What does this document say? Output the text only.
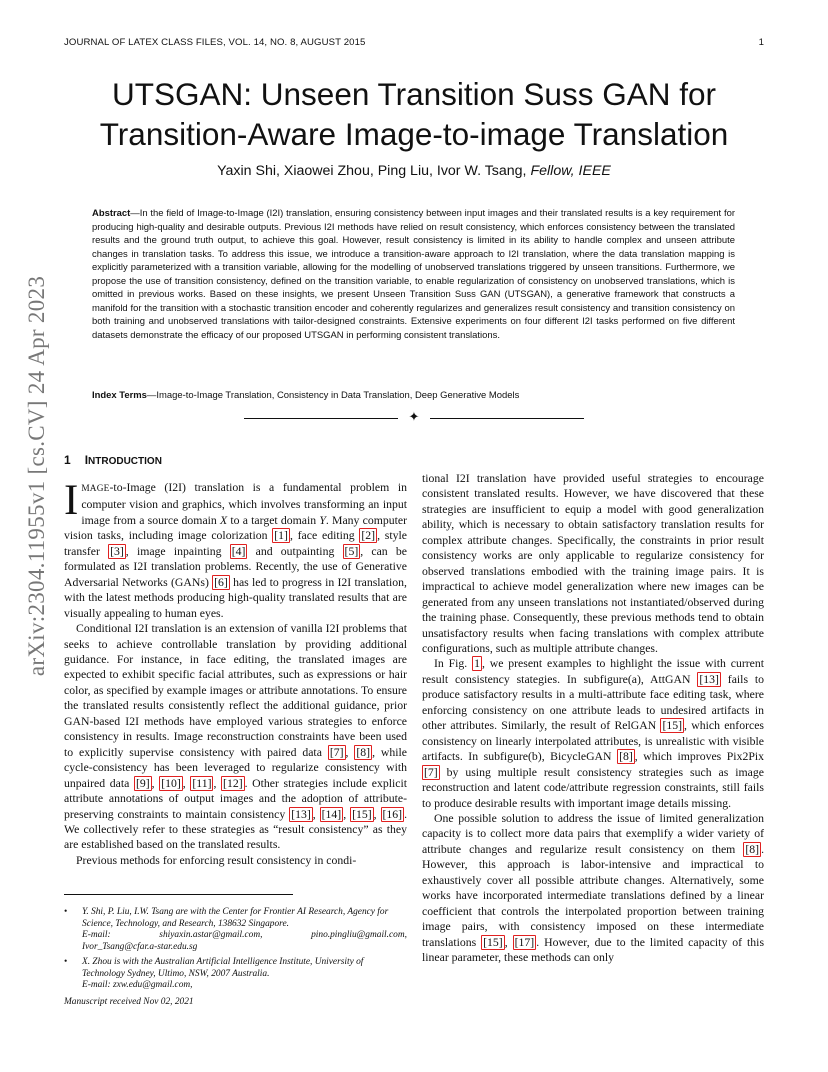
JOURNAL OF LATEX CLASS FILES, VOL. 14, NO. 8, AUGUST 2015	1
arXiv:2304.11955v1 [cs.CV] 24 Apr 2023
UTSGAN: Unseen Transition Suss GAN for
Transition-Aware Image-to-image Translation
Yaxin Shi, Xiaowei Zhou, Ping Liu, Ivor W. Tsang, Fellow, IEEE
Abstract—In the field of Image-to-Image (I2I) translation, ensuring consistency between input images and their translated results is a key requirement for producing high-quality and desirable outputs. Previous I2I methods have relied on result consistency, which enforces consistency between the translated results and the ground truth output, to achieve this goal. However, result consistency is limited in its ability to handle complex and unseen attribute changes in translation tasks. To address this issue, we introduce a transition-aware approach to I2I translation, where the data translation mapping is explicitly parameterized with a transition variable, allowing for the modelling of unobserved translations triggered by unseen transitions. Furthermore, we propose the use of transition consistency, defined on the transition variable, to enable regularization of consistency on unobserved translations, which is omitted in previous works. Based on these insights, we present Unseen Transition Suss GAN (UTSGAN), a generative framework that constructs a manifold for the transition with a stochastic transition encoder and coherently regularizes and generalizes result consistency and transition consistency on both training and unobserved translations with tailor-designed constraints. Extensive experiments on four different I2I tasks performed on five different datasets demonstrate the efficacy of our proposed UTSGAN in performing consistent translations.
Index Terms—Image-to-Image Translation, Consistency in Data Translation, Deep Generative Models
✦
1 INTRODUCTION

IMAGE-to-Image (I2I) translation is a fundamental problem in computer vision and graphics, which involves transforming an input image from a source domain X to a target domain Y. Many computer vision tasks, including image colorization [1] , face editing [2] , style transfer [3] , image inpainting [4] and outpainting [5] , can be formulated as I2I translation problems. Recently, the use of Generative Adversarial Networks (GANs) [6] has led to progress in I2I translation, with the latest methods producing high-quality translated results that are visually appealing to human eyes.

Conditional I2I translation is an extension of vanilla I2I problems that seeks to achieve controllable translation by providing additional guidance. For instance, in face editing, the translated images are expected to exhibit specific facial attributes, such as expressions or hair color, as specified by example images or attribute annotations. To ensure the translated results consistently reflect the additional guidance, prior GAN-based I2I methods have employed various strategies to enforce consistency in results. Image reconstruction constraints have been used to explicitly supervise consistency with paired data [7] , [8] , while cycle-consistency has been leveraged to regularize consistency with unpaired data [9] , [10] , [11] , [12] . Other strategies include explicit attribute annotations of output images and the adoption of attribute-preserving constraints to maintain consistency [13] , [14] , [15] , [16] . We collectively refer to these strategies as “result consistency” as they are established based on the translated results.

Previous methods for enforcing result consistency in condi-

tional I2I translation have provided useful strategies to encourage consistent translated results. However, we have discovered that these strategies are insufficient to equip a model with good generalization ability, which is necessary to obtain satisfactory translation results for complex attribute changes. Specifically, the constraints in prior result consistency works are only applicable to regularize consistency for observed translations embodied with the training image pairs. It is impractical to achieve model generalization where new images can be generated from any unseen translations not instantiated/observed during the training phase. Consequently, these previous methods tend to obtain unsatisfactory results when facing translations with complex attribute configurations, such as multiple attribute changes.

In Fig. 1 , we present examples to highlight the issue with current result consistency stategies. In subfigure(a), AttGAN [13] fails to produce satisfactory results in a multi-attribute face editing task, where enforcing consistency on one attribute leads to undesired artifacts in other attributes. Similarly, the result of RelGAN [15] , which enforces consistency on linearly interpolated attributes, is unrealistic with visible artifacts. In subfigure(b), BicycleGAN [8] , which improves Pix2Pix [7] by using multiple result consistency strategies such as image reconstruction and latent code/attribute regression constraints, still fails to produce desirable results with important image details missing.

One possible solution to address the issue of limited generalization capacity is to collect more data pairs that exemplify a wider variety of attribute changes and regularize result consistency on them [8] . However, this approach is labor-intensive and impractical to exhaustively cover all possible attribute changes. Alternatively, some works have incorporated intermediate translations defined by a linear coefficient that controls the interpolated proportion between training image pairs, with consistency imposed on these intermediate translations [15] , [17] . However, due to the limited capacity of this linear parameter, these methods can only

• Y. Shi, P. Liu, I.W. Tsang are with the Center for Frontier AI Research, Agency for Science, Technology, and Research, 138632 Singapore.
E-mail:	shiyaxin.astar@gmail.com,	pino.pingliu@gmail.com,
Ivor_Tsang@cfar.a-star.edu.sg
• X. Zhou is with the Australian Artificial Intelligence Institute, University of Technology Sydney, Ultimo, NSW, 2007 Australia.
E-mail: zxw.edu@gmail.com,
Manuscript received Nov 02, 2021
